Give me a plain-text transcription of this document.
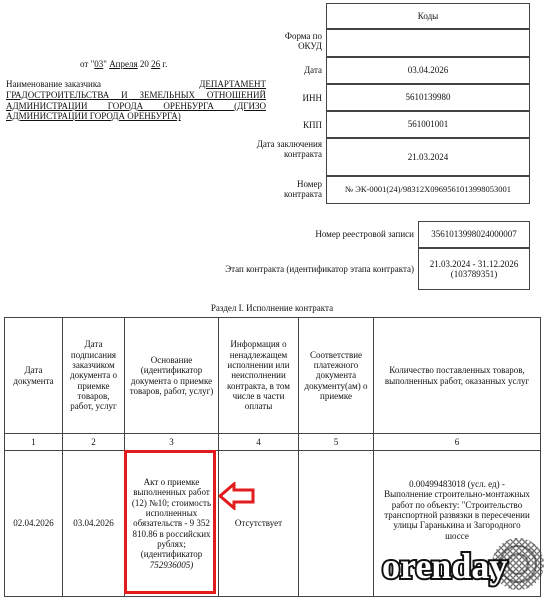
Коды
Форма по ОКУД
от "03" Апреля 20 26 г.
Дата	03.04.2026
Наименование заказчика	ДЕПАРТАМЕНТ
ГРАДОСТРОИТЕЛЬСТВА И ЗЕМЕЛЬНЫХ ОТНОШЕНИЙ АДМИНИСТРАЦИИ ГОРОДА ОРЕНБУРГА (ДГИЗО АДМИНИСТРАЦИИ ГОРОДА ОРЕНБУРГА)
ИНН	5610139980
КПП	561001001
Дата заключения контракта	21.03.2024
Номер контракта
№ ЭК-0001(24)/98312Х0969561013998053001
Номер реестровой записи 3561013998024000007
Этап контракта (идентификатор этапа контракта)
21.03.2024 - 31.12.2026 (103789351)
Раздел I. Исполнение контракта
Дата документа	Дата подписания заказчиком документа о приемке товаров, работ, услуг	Основание (идентификатор документа о приемке товаров, работ, услуг)	Информация о ненадлежащем исполнении или неисполнении контракта, в том числе в части оплаты	Соответствие платежного документа документу(ам) о приемке	Количество поставленных товаров, выполненных работ, оказанных услуг
1	2	3	4	5	6
02.04.2026	03.04.2026	Акт о приемке выполненных работ (12) №10; стоимость исполненных обязательств - 9 352 810.86 в российских рублях; (идентификатор
752936005)	Отсутствует		0.00499483018 (усл. ед) - Выполнение строительно-монтажных работ по объекту: "Строительство транспортной развязки в пересечении улицы Гаранькина и Загородного шоссе
orenday
